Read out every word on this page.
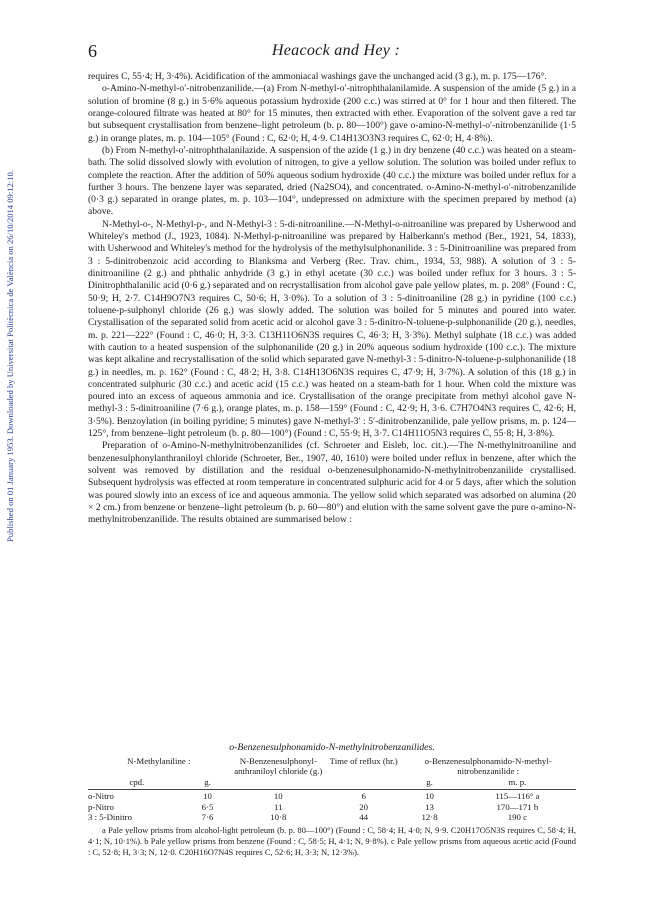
Published on 01 January 1953. Downloaded by Universitat Politècnica de València on 26/10/2014 09:12:10.
6	Heacock and Hey :

requires C, 55·4; H, 3·4%). Acidification of the ammoniacal washings gave the unchanged acid (3 g.), m. p. 175—176°.

o-Amino-N-methyl-o′-nitrobenzanilide.—(a) From N-methyl-o′-nitrophthalanilamide. A suspension of the amide (5 g.) in a solution of bromine (8 g.) in 5·6% aqueous potassium hydroxide (200 c.c.) was stirred at 0° for 1 hour and then filtered. The orange-coloured filtrate was heated at 80° for 15 minutes, then extracted with ether. Evaporation of the solvent gave a red tar but subsequent crystallisation from benzene–light petroleum (b. p. 80—100°) gave o-amino-N-methyl-o′-nitrobenzanilide (1·5 g.) in orange plates, m. p. 104—105° (Found : C, 62·0; H, 4·9. C14H13O3N3 requires C, 62·0; H, 4·8%).

(b) From N-methyl-o′-nitrophthalanilazide. A suspension of the azide (1 g.) in dry benzene (40 c.c.) was heated on a steam-bath. The solid dissolved slowly with evolution of nitrogen, to give a yellow solution. The solution was boiled under reflux to complete the reaction. After the addition of 50% aqueous sodium hydroxide (40 c.c.) the mixture was boiled under reflux for a further 3 hours. The benzene layer was separated, dried (Na2SO4), and concentrated. o-Amino-N-methyl-o′-nitrobenzanilide (0·3 g.) separated in orange plates, m. p. 103—104°, undepressed on admixture with the specimen prepared by method (a) above.

N-Methyl-o-, N-Methyl-p-, and N-Methyl-3 : 5-di-nitroaniline.—N-Methyl-o-nitroaniline was prepared by Usherwood and Whiteley's method (J., 1923, 1084). N-Methyl-p-nitroaniline was prepared by Halberkann's method (Ber., 1921, 54, 1833), with Usherwood and Whiteley's method for the hydrolysis of the methylsulphonanilide. 3 : 5-Dinitroaniline was prepared from 3 : 5-dinitrobenzoic acid according to Blanksma and Verberg (Rec. Trav. chim., 1934, 53, 988). A solution of 3 : 5-dinitroaniline (2 g.) and phthalic anhydride (3 g.) in ethyl acetate (30 c.c.) was boiled under reflux for 3 hours. 3 : 5-Dinitrophthalanilic acid (0·6 g.) separated and on recrystallisation from alcohol gave pale yellow plates, m. p. 208° (Found : C, 50·9; H, 2·7. C14H9O7N3 requires C, 50·6; H, 3·0%). To a solution of 3 : 5-dinitroaniline (28 g.) in pyridine (100 c.c.) toluene-p-sulphonyl chloride (26 g.) was slowly added. The solution was boiled for 5 minutes and poured into water. Crystallisation of the separated solid from acetic acid or alcohol gave 3 : 5-dinitro-N-toluene-p-sulphonanilide (20 g.), needles, m. p. 221—222° (Found : C, 46·0; H, 3·3. C13H11O6N3S requires C, 46·3; H, 3·3%). Methyl sulphate (18 c.c.) was added with caution to a heated suspension of the sulphonanilide (20 g.) in 20% aqueous sodium hydroxide (100 c.c.). The mixture was kept alkaline and recrystallisation of the solid which separated gave N-methyl-3 : 5-dinitro-N-toluene-p-sulphonanilide (18 g.) in needles, m. p. 162° (Found : C, 48·2; H, 3·8. C14H13O6N3S requires C, 47·9; H, 3·7%). A solution of this (18 g.) in concentrated sulphuric (30 c.c.) and acetic acid (15 c.c.) was heated on a steam-bath for 1 hour. When cold the mixture was poured into an excess of aqueous ammonia and ice. Crystallisation of the orange precipitate from methyl alcohol gave N-methyl-3 : 5-dinitroaniline (7·6 g.), orange plates, m. p. 158—159° (Found : C, 42·9; H, 3·6. C7H7O4N3 requires C, 42·6; H, 3·5%). Benzoylation (in boiling pyridine; 5 minutes) gave N-methyl-3′ : 5′-dinitrobenzanilide, pale yellow prisms, m. p. 124—125°, from benzene–light petroleum (b. p. 80—100°) (Found : C, 55·9; H, 3·7. C14H11O5N3 requires C, 55·8; H, 3·8%).

Preparation of o-Amino-N-methylnitrobenzanilides (cf. Schroeter and Eisleb, loc. cit.).—The N-methylnitroaniline and benzenesulphonylanthraniloyl chloride (Schroeter, Ber., 1907, 40, 1610) were boiled under reflux in benzene, after which the solvent was removed by distillation and the residual o-benzenesulphonamido-N-methylnitrobenzanilide crystallised. Subsequent hydrolysis was effected at room temperature in concentrated sulphuric acid for 4 or 5 days, after which the solution was poured slowly into an excess of ice and aqueous ammonia. The yellow solid which separated was adsorbed on alumina (20 × 2 cm.) from benzene or benzene–light petroleum (b. p. 60—80°) and elution with the same solvent gave the pure o-amino-N-methylnitrobenzanilide. The results obtained are summarised below :

o-Benzenesulphonamido-N-methylnitrobenzanilides.
N-Methylaniline :		N-Benzenesulphonyl-anthraniloyl chloride (g.)	Time of reflux (hr.)	o-Benzenesulphonamido-N-methyl-nitrobenzanilide :	
cpd.	g.			g.	m. p.

o-Nitro	10	10	6	10	115—116° a
p-Nitro	6·5	11	20	13	170—171 b
3 : 5-Dinitro	7·6	10·8	44	12·8	190 c
a Pale yellow prisms from alcohol-light petroleum (b. p. 80—100°) (Found : C, 58·4; H, 4·0; N, 9·9. C20H17O5N3S requires C, 58·4; H, 4·1; N, 10·1%). b Pale yellow prisms from benzene (Found : C, 58·5; H, 4·1; N, 9·8%). c Pale yellow prisms from aqueous acetic acid (Found : C, 52·8; H, 3·3; N, 12·0. C20H16O7N4S requires C, 52·6; H, 3·3; N, 12·3%).
